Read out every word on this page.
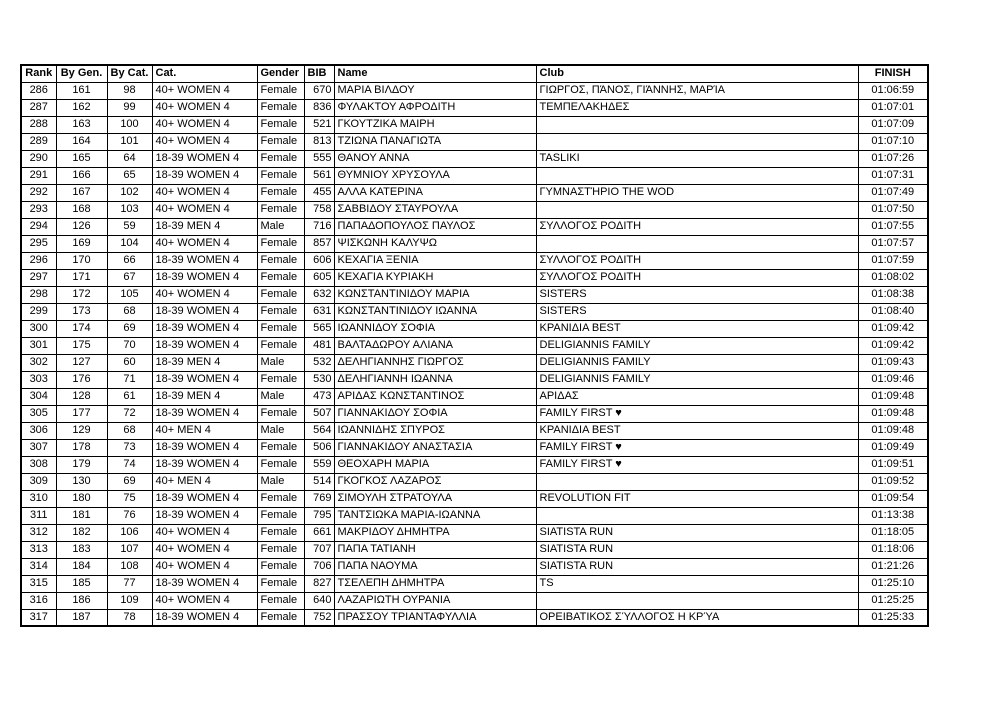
Rank	By Gen.	By Cat.	Cat.	Gender	BIB	Name	Club	FINISH
286	161	98	40+ WOMEN 4	Female	670	ΜΑΡΙΑ ΒΙΛΔΟΥ	ΓΙΩΡΓΟΣ, ΠΆΝΟΣ, ΓΙΆΝΝΗΣ, ΜΑΡΊΑ	01:06:59
287	162	99	40+ WOMEN 4	Female	836	ΦΥΛΑΚΤΟΥ ΑΦΡΟΔΙΤΗ	ΤΕΜΠΕΛΑΚΗΔΕΣ	01:07:01
288	163	100	40+ WOMEN 4	Female	521	ΓΚΟΥΤΖΙΚΑ ΜΑΙΡΗ		01:07:09
289	164	101	40+ WOMEN 4	Female	813	ΤΖΙΩΝΑ ΠΑΝΑΓΙΩΤΑ		01:07:10
290	165	64	18-39 WOMEN 4	Female	555	ΘΑΝΟΥ ΑΝΝΑ	TASLIKI	01:07:26
291	166	65	18-39 WOMEN 4	Female	561	ΘΥΜΝΙΟΥ ΧΡΥΣΟΥΛΑ		01:07:31
292	167	102	40+ WOMEN 4	Female	455	ΑΛΛΑ ΚΑΤΕΡΙΝΑ	ΓΥΜΝΑΣΤΉΡΙΟ THE WOD	01:07:49
293	168	103	40+ WOMEN 4	Female	758	ΣΑΒΒΙΔΟΥ ΣΤΑΥΡΟΥΛΑ		01:07:50
294	126	59	18-39 MEN 4	Male	716	ΠΑΠΑΔΟΠΟΥΛΟΣ ΠΑΥΛΟΣ	ΣΥΛΛΟΓΟΣ ΡΟΔΙΤΗ	01:07:55
295	169	104	40+ WOMEN 4	Female	857	ΨΙΣΚΩΝΗ ΚΑΛΥΨΩ		01:07:57
296	170	66	18-39 WOMEN 4	Female	606	ΚΕΧΑΓΙΑ ΞΕΝΙΑ	ΣΥΛΛΟΓΟΣ ΡΟΔΙΤΗ	01:07:59
297	171	67	18-39 WOMEN 4	Female	605	ΚΕΧΑΓΙΑ ΚΥΡΙΑΚΗ	ΣΥΛΛΟΓΟΣ ΡΟΔΙΤΗ	01:08:02
298	172	105	40+ WOMEN 4	Female	632	ΚΩΝΣΤΑΝΤΙΝΙΔΟΥ ΜΑΡΙΑ	SISTERS	01:08:38
299	173	68	18-39 WOMEN 4	Female	631	ΚΩΝΣΤΑΝΤΙΝΙΔΟΥ ΙΩΑΝΝΑ	SISTERS	01:08:40
300	174	69	18-39 WOMEN 4	Female	565	ΙΩΑΝΝΙΔΟΥ ΣΟΦΙΑ	ΚΡΑΝΙΔΙΑ BEST	01:09:42
301	175	70	18-39 WOMEN 4	Female	481	ΒΑΛΤΑΔΩΡΟΥ ΑΛΙΑΝΑ	DELIGIANNIS FAMILY	01:09:42
302	127	60	18-39 MEN 4	Male	532	ΔΕΛΗΓΙΑΝΝΗΣ ΓΙΩΡΓΟΣ	DELIGIANNIS FAMILY	01:09:43
303	176	71	18-39 WOMEN 4	Female	530	ΔΕΛΗΓΙΑΝΝΗ ΙΩΑΝΝΑ	DELIGIANNIS FAMILY	01:09:46
304	128	61	18-39 MEN 4	Male	473	ΑΡΙΔΑΣ ΚΩΝΣΤΑΝΤΙΝΟΣ	ΑΡΙΔΑΣ	01:09:48
305	177	72	18-39 WOMEN 4	Female	507	ΓΙΑΝΝΑΚΙΔΟΥ ΣΟΦΙΑ	FAMILY FIRST ♥	01:09:48
306	129	68	40+ MEN 4	Male	564	ΙΩΑΝΝΙΔΗΣ ΣΠΥΡΟΣ	ΚΡΑΝΙΔΙΑ BEST	01:09:48
307	178	73	18-39 WOMEN 4	Female	506	ΓΙΑΝΝΑΚΙΔΟΥ ΑΝΑΣΤΑΣΙΑ	FAMILY FIRST ♥	01:09:49
308	179	74	18-39 WOMEN 4	Female	559	ΘΕΟΧΑΡΗ ΜΑΡΙΑ	FAMILY FIRST ♥	01:09:51
309	130	69	40+ MEN 4	Male	514	ΓΚΟΓΚΟΣ ΛΑΖΑΡΟΣ		01:09:52
310	180	75	18-39 WOMEN 4	Female	769	ΣΙΜΟΥΛΗ ΣΤΡΑΤΟΥΛΑ	REVOLUTION FIT	01:09:54
311	181	76	18-39 WOMEN 4	Female	795	ΤΑΝΤΣΙΩΚΑ ΜΑΡΙΑ-ΙΩΑΝΝΑ		01:13:38
312	182	106	40+ WOMEN 4	Female	661	ΜΑΚΡΙΔΟΥ ΔΗΜΗΤΡΑ	SIATISTA RUN	01:18:05
313	183	107	40+ WOMEN 4	Female	707	ΠΑΠΑ ΤΑΤΙΑΝΗ	SIATISTA RUN	01:18:06
314	184	108	40+ WOMEN 4	Female	706	ΠΑΠΑ ΝΑΟΥΜΑ	SIATISTA RUN	01:21:26
315	185	77	18-39 WOMEN 4	Female	827	ΤΣΕΛΕΠΗ ΔΗΜΗΤΡΑ	TS	01:25:10
316	186	109	40+ WOMEN 4	Female	640	ΛΑΖΑΡΙΩΤΗ ΟΥΡΑΝΙΑ		01:25:25
317	187	78	18-39 WOMEN 4	Female	752	ΠΡΑΣΣΟΥ ΤΡΙΑΝΤΑΦΥΛΛΙΑ	ΟΡΕΙΒΑΤΙΚΟΣ ΣΎΛΛΟΓΟΣ Η ΚΡΎΑ	01:25:33
